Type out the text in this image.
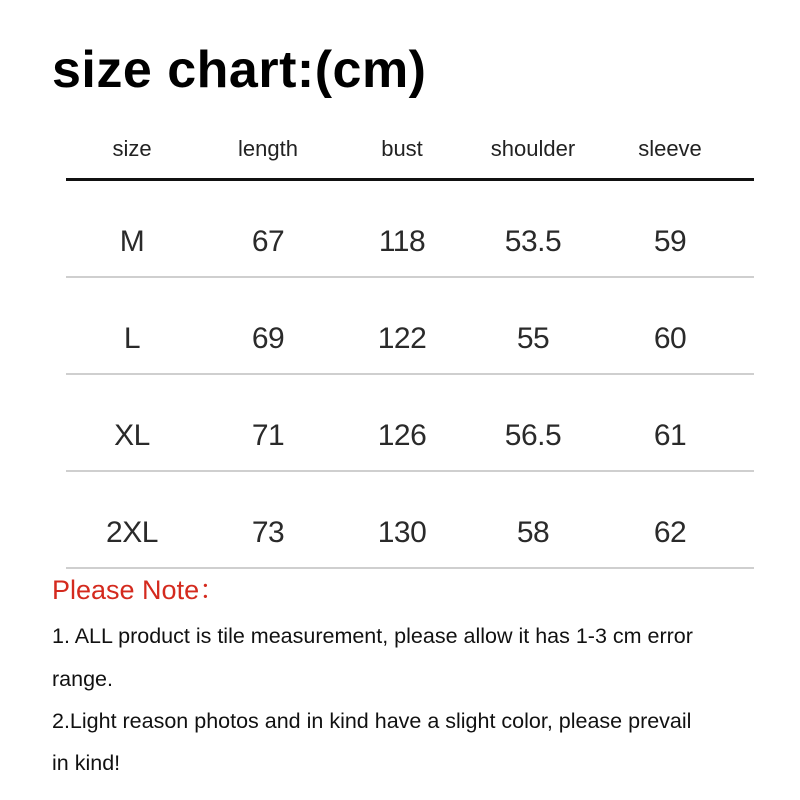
size chart:(cm)
size	length	bust	shoulder	sleeve
M	67	118	53.5	59
L	69	122	55	60
XL	71	126	56.5	61
2XL	73	130	58	62
Please Note：
1. ALL product is tile measurement, please allow it has 1-3 cm error
range.
2.Light reason photos and in kind have a slight color, please prevail
in kind!
